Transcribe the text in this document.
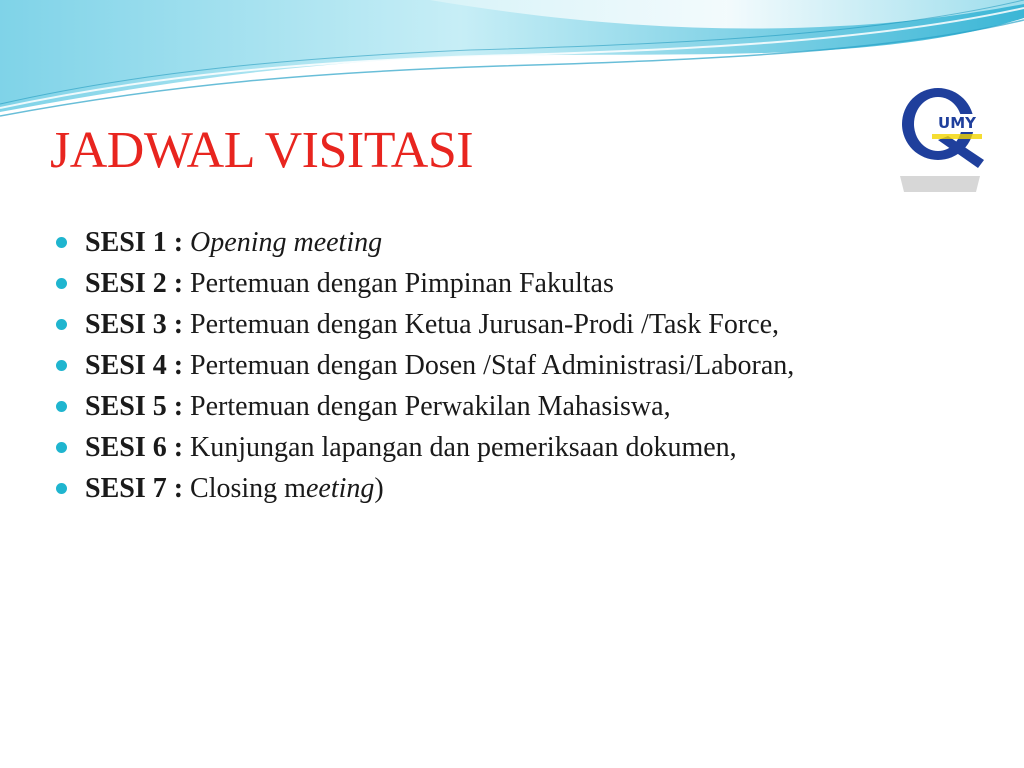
JADWAL VISITASI	UMY
SESI 1 : Opening meeting
SESI 2 : Pertemuan dengan Pimpinan Fakultas
SESI 3 : Pertemuan dengan Ketua Jurusan-Prodi /Task Force,
SESI 4 : Pertemuan dengan Dosen /Staf Administrasi/Laboran,
SESI 5 : Pertemuan dengan Perwakilan Mahasiswa,
SESI 6 : Kunjungan lapangan dan pemeriksaan dokumen,
SESI 7 : Closing meeting)
